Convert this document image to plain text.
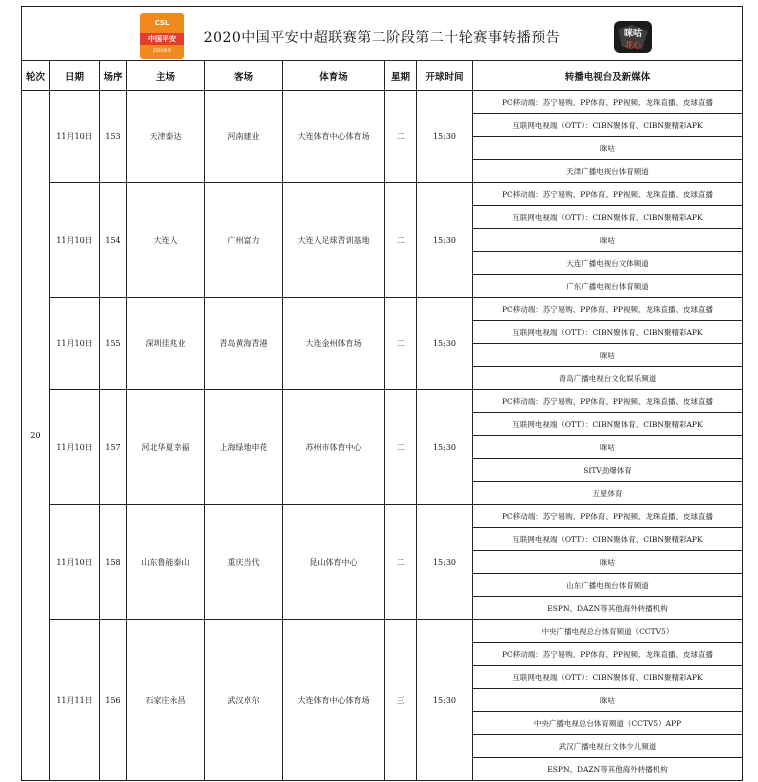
CSL
中国平安
2020赛季
2020中国平安中超联赛第二阶段第二十轮赛事转播预告	咪咕
花心
轮次	日期	场序	主场	客场	体育场	星期	开球时间	转播电视台及新媒体
20	11月10日	153	天津泰达	河南建业	大连体育中心体育场	二	15:30	PC移动端：苏宁易购、PP体育、PP视频、龙珠直播、皮球直播
								互联网电视端（OTT）：CIBN聚体育、CIBN聚精彩APK
								咪咕
								天津广播电视台体育频道
	11月10日	154	大连人	广州富力	大连人足球青训基地	二	15:30	PC移动端：苏宁易购、PP体育、PP视频、龙珠直播、皮球直播
								互联网电视端（OTT）：CIBN聚体育、CIBN聚精彩APK
								咪咕
								大连广播电视台文体频道
								广东广播电视台体育频道
	11月10日	155	深圳佳兆业	青岛黄海青港	大连金州体育场	二	15:30	PC移动端：苏宁易购、PP体育、PP视频、龙珠直播、皮球直播
								互联网电视端（OTT）：CIBN聚体育、CIBN聚精彩APK
								咪咕
								青岛广播电视台文化娱乐频道
	11月10日	157	河北华夏幸福	上海绿地申花	苏州市体育中心	二	15:30	PC移动端：苏宁易购、PP体育、PP视频、龙珠直播、皮球直播
								互联网电视端（OTT）：CIBN聚体育、CIBN聚精彩APK
								咪咕
								SITV劲爆体育
								五星体育
	11月10日	158	山东鲁能泰山	重庆当代	昆山体育中心	二	15:30	PC移动端：苏宁易购、PP体育、PP视频、龙珠直播、皮球直播
								互联网电视端（OTT）：CIBN聚体育、CIBN聚精彩APK
								咪咕
								山东广播电视台体育频道
								ESPN、DAZN等其他海外转播机构
	11月11日	156	石家庄永昌	武汉卓尔	大连体育中心体育场	三	15:30	中央广播电视总台体育频道（CCTV5）
								PC移动端：苏宁易购、PP体育、PP视频、龙珠直播、皮球直播
								互联网电视端（OTT）：CIBN聚体育、CIBN聚精彩APK
								咪咕
								中央广播电视总台体育频道（CCTV5）APP
								武汉广播电视台文体少儿频道
								ESPN、DAZN等其他海外转播机构
